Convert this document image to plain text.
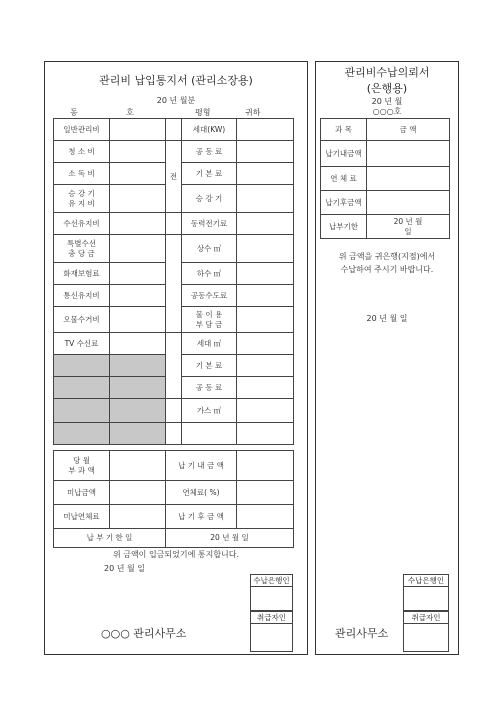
관리비 납입통지서 (관리소장용)
20 년 월분
동	호	평형	귀하
일반관리비			세대(KW)	
청 소 비		전	공 동 료	
소 독 비			기 본 료	
승 강 기
유 지 비			승 강 기	
수선유지비			동력전기료	
특별수선
충 당 금			상수 ㎥	
화재보험료			하수 ㎥	
통신유지비			공동수도료	
오물수거비			물 이 용
부 담 금	
TV 수신료			세대 ㎥	
			기 본 료	
			공 동 료	
			가스 ㎥	

당 월
부 과 액		납 기 내 금 액	
미납금액		연체료( %)	
미납연체료		납 기 후 금 액	
납 부 기 한 일		20 년 월 일	
위 금액이 입금되었기에 통지합니다.
20 년 월 일
수납은행인
취급자인
○○○ 관리사무소
관리비수납의뢰서
(은행용)
20 년 월
○○○호
과 목	금 액
납기내금액	
연 체 료	
납기후금액	
납부기한	20 년 월
일
위 금액을 귀은행(지점)에서
수납하여 주시기 바랍니다.
20 년 월 일
수납은행인
취급자인
관리사무소
